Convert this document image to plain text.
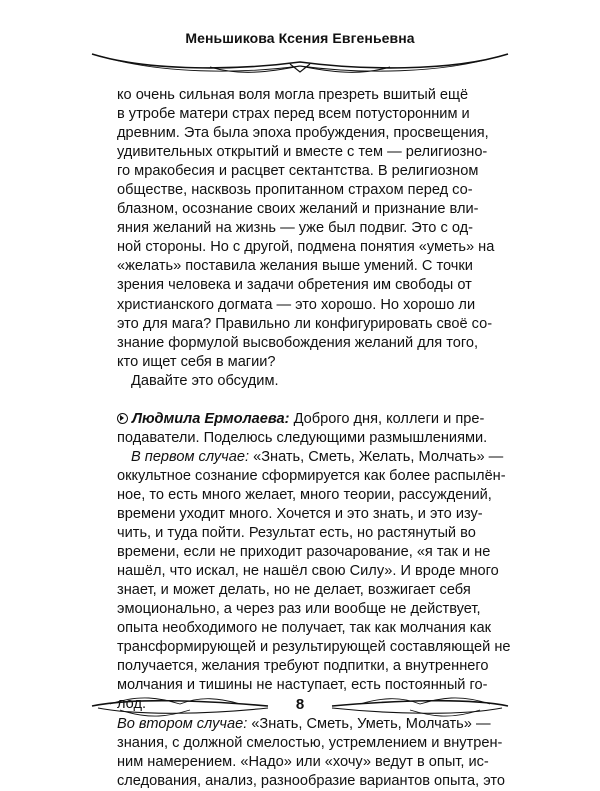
Меньшикова Ксения Евгеньевна
ко очень сильная воля могла презреть вшитый ещё
в утробе матери страх перед всем потусторонним и
древним. Эта была эпоха пробуждения, просвещения,
удивительных открытий и вместе с тем — религиозно-
го мракобесия и расцвет сектантства. В религиозном
обществе, насквозь пропитанном страхом перед со-
блазном, осознание своих желаний и признание вли-
яния желаний на жизнь — уже был подвиг. Это с од-
ной стороны. Но с другой, подмена понятия «уметь» на
«желать» поставила желания выше умений. С точки
зрения человека и задачи обретения им свободы от
христианского догмата — это хорошо. Но хорошо ли
это для мага? Правильно ли конфигурировать своё со-
знание формулой высвобождения желаний для того,
кто ищет себя в магии?
Давайте это обсудим.
Людмила Ермолаева: Доброго дня, коллеги и пре-
подаватели. Поделюсь следующими размышлениями.
В первом случае: «Знать, Сметь, Желать, Молчать» —
оккультное сознание сформируется как более распылён-
ное, то есть много желает, много теории, рассуждений,
времени уходит много. Хочется и это знать, и это изу-
чить, и туда пойти. Результат есть, но растянутый во
времени, если не приходит разочарование, «я так и не
нашёл, что искал, не нашёл свою Силу». И вроде много
знает, и может делать, но не делает, возжигает себя
эмоционально, а через раз или вообще не действует,
опыта необходимого не получает, так как молчания как
трансформирующей и результирующей составляющей не
получается, желания требуют подпитки, а внутреннего
молчания и тишины не наступает, есть постоянный го-
лод.
Во втором случае: «Знать, Сметь, Уметь, Молчать» —
знания, с должной смелостью, устремлением и внутрен-
ним намерением. «Надо» или «хочу» ведут в опыт, ис-
следования, анализ, разнообразие вариантов опыта, это
8
